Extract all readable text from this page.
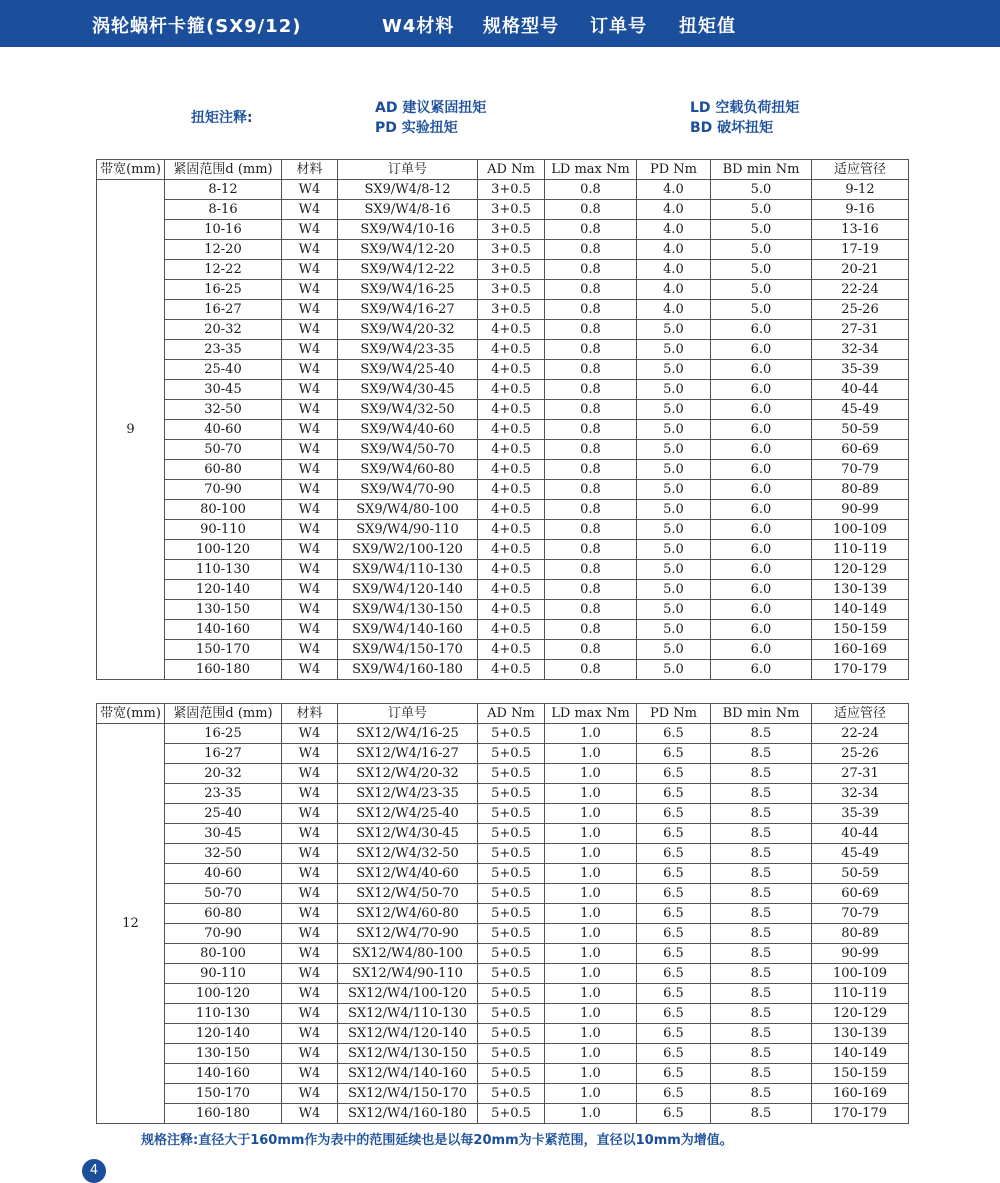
涡轮蜗杆卡箍(SX9/12)	W4材料 规格型号 订单号 扭矩值
扭矩注释:
AD 建议紧固扭矩
PD 实验扭矩
LD 空载负荷扭矩
BD 破坏扭矩
带宽(mm)	紧固范围d (mm)	材料	订单号	AD Nm	LD max Nm	PD Nm	BD min Nm	适应管径
9	8-12	W4	SX9/W4/8-12	3+0.5	0.8	4.0	5.0	9-12
	8-16	W4	SX9/W4/8-16	3+0.5	0.8	4.0	5.0	9-16
	10-16	W4	SX9/W4/10-16	3+0.5	0.8	4.0	5.0	13-16
	12-20	W4	SX9/W4/12-20	3+0.5	0.8	4.0	5.0	17-19
	12-22	W4	SX9/W4/12-22	3+0.5	0.8	4.0	5.0	20-21
	16-25	W4	SX9/W4/16-25	3+0.5	0.8	4.0	5.0	22-24
	16-27	W4	SX9/W4/16-27	3+0.5	0.8	4.0	5.0	25-26
	20-32	W4	SX9/W4/20-32	4+0.5	0.8	5.0	6.0	27-31
	23-35	W4	SX9/W4/23-35	4+0.5	0.8	5.0	6.0	32-34
	25-40	W4	SX9/W4/25-40	4+0.5	0.8	5.0	6.0	35-39
	30-45	W4	SX9/W4/30-45	4+0.5	0.8	5.0	6.0	40-44
	32-50	W4	SX9/W4/32-50	4+0.5	0.8	5.0	6.0	45-49
	40-60	W4	SX9/W4/40-60	4+0.5	0.8	5.0	6.0	50-59
	50-70	W4	SX9/W4/50-70	4+0.5	0.8	5.0	6.0	60-69
	60-80	W4	SX9/W4/60-80	4+0.5	0.8	5.0	6.0	70-79
	70-90	W4	SX9/W4/70-90	4+0.5	0.8	5.0	6.0	80-89
	80-100	W4	SX9/W4/80-100	4+0.5	0.8	5.0	6.0	90-99
	90-110	W4	SX9/W4/90-110	4+0.5	0.8	5.0	6.0	100-109
	100-120	W4	SX9/W2/100-120	4+0.5	0.8	5.0	6.0	110-119
	110-130	W4	SX9/W4/110-130	4+0.5	0.8	5.0	6.0	120-129
	120-140	W4	SX9/W4/120-140	4+0.5	0.8	5.0	6.0	130-139
	130-150	W4	SX9/W4/130-150	4+0.5	0.8	5.0	6.0	140-149
	140-160	W4	SX9/W4/140-160	4+0.5	0.8	5.0	6.0	150-159
	150-170	W4	SX9/W4/150-170	4+0.5	0.8	5.0	6.0	160-169
	160-180	W4	SX9/W4/160-180	4+0.5	0.8	5.0	6.0	170-179
带宽(mm)	紧固范围d (mm)	材料	订单号	AD Nm	LD max Nm	PD Nm	BD min Nm	适应管径
12	16-25	W4	SX12/W4/16-25	5+0.5	1.0	6.5	8.5	22-24
	16-27	W4	SX12/W4/16-27	5+0.5	1.0	6.5	8.5	25-26
	20-32	W4	SX12/W4/20-32	5+0.5	1.0	6.5	8.5	27-31
	23-35	W4	SX12/W4/23-35	5+0.5	1.0	6.5	8.5	32-34
	25-40	W4	SX12/W4/25-40	5+0.5	1.0	6.5	8.5	35-39
	30-45	W4	SX12/W4/30-45	5+0.5	1.0	6.5	8.5	40-44
	32-50	W4	SX12/W4/32-50	5+0.5	1.0	6.5	8.5	45-49
	40-60	W4	SX12/W4/40-60	5+0.5	1.0	6.5	8.5	50-59
	50-70	W4	SX12/W4/50-70	5+0.5	1.0	6.5	8.5	60-69
	60-80	W4	SX12/W4/60-80	5+0.5	1.0	6.5	8.5	70-79
	70-90	W4	SX12/W4/70-90	5+0.5	1.0	6.5	8.5	80-89
	80-100	W4	SX12/W4/80-100	5+0.5	1.0	6.5	8.5	90-99
	90-110	W4	SX12/W4/90-110	5+0.5	1.0	6.5	8.5	100-109
	100-120	W4	SX12/W4/100-120	5+0.5	1.0	6.5	8.5	110-119
	110-130	W4	SX12/W4/110-130	5+0.5	1.0	6.5	8.5	120-129
	120-140	W4	SX12/W4/120-140	5+0.5	1.0	6.5	8.5	130-139
	130-150	W4	SX12/W4/130-150	5+0.5	1.0	6.5	8.5	140-149
	140-160	W4	SX12/W4/140-160	5+0.5	1.0	6.5	8.5	150-159
	150-170	W4	SX12/W4/150-170	5+0.5	1.0	6.5	8.5	160-169
	160-180	W4	SX12/W4/160-180	5+0.5	1.0	6.5	8.5	170-179
规格注释:直径大于160mm作为表中的范围延续也是以每20mm为卡紧范围，直径以10mm为增值。
4
